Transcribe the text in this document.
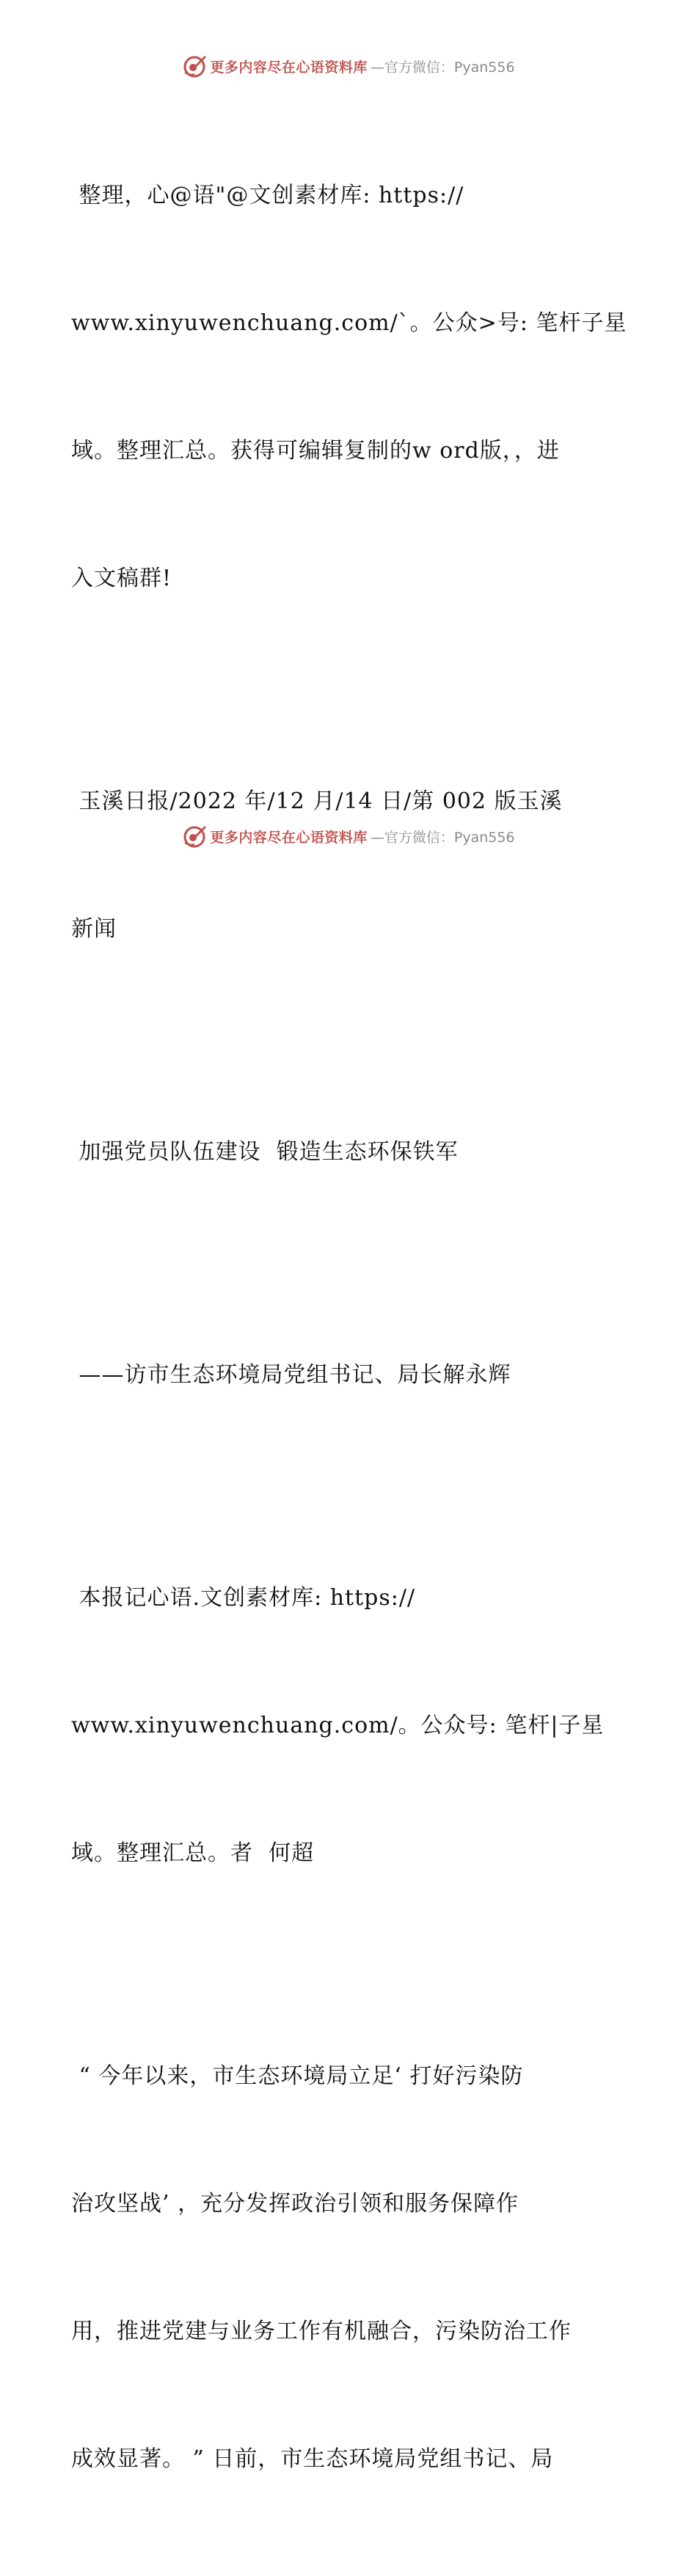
更多内容尽在心语资料库 —官方微信：Pyan556

整理，心@语"@文创素材库: https://

www.xinyuwenchuang.com/`。公众>号: 笔杆子星

域。整理汇总。获得可编辑复制的w ord版，，进

入文稿群!

玉溪日报/2022 年/12 月/14 日/第 002 版玉溪

新闻

加强党员队伍建设  锻造生态环保铁军

——访市生态环境局党组书记、局长解永辉

本报记心语.文创素材库: https://

www.xinyuwenchuang.com/。公众号: 笔杆|子星

域。整理汇总。者  何超

“ 今年以来，市生态环境局立足‘ 打好污染防

治攻坚战’ ，充分发挥政治引领和服务保障作

用，推进党建与业务工作有机融合，污染防治工作

成效显著。 ” 日前，市生态环境局党组书记、局

更多内容尽在心语资料库 —官方微信：Pyan556
